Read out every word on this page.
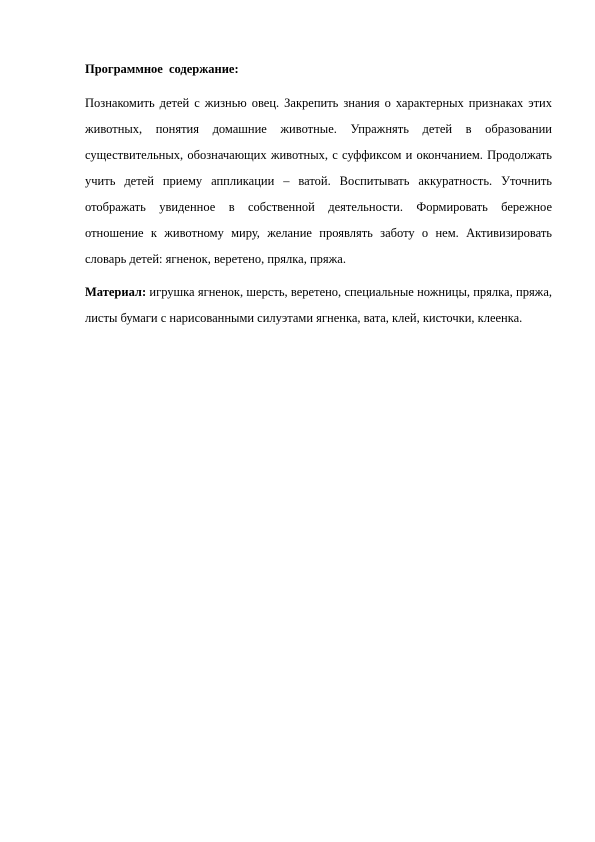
Программное содержание:

Познакомить детей с жизнью овец. Закрепить знания о характерных признаках этих животных, понятия домашние животные. Упражнять детей в образовании существительных, обозначающих животных, с суффиксом и окончанием. Продолжать учить детей приему аппликации – ватой. Воспитывать аккуратность. Уточнить отображать увиденное в собственной деятельности. Формировать бережное отношение к животному миру, желание проявлять заботу о нем. Активизировать словарь детей: ягненок, веретено, прялка, пряжа.

Материал: игрушка ягненок, шерсть, веретено, специальные ножницы, прялка, пряжа, листы бумаги с нарисованными силуэтами ягненка, вата, клей, кисточки, клеенка.
